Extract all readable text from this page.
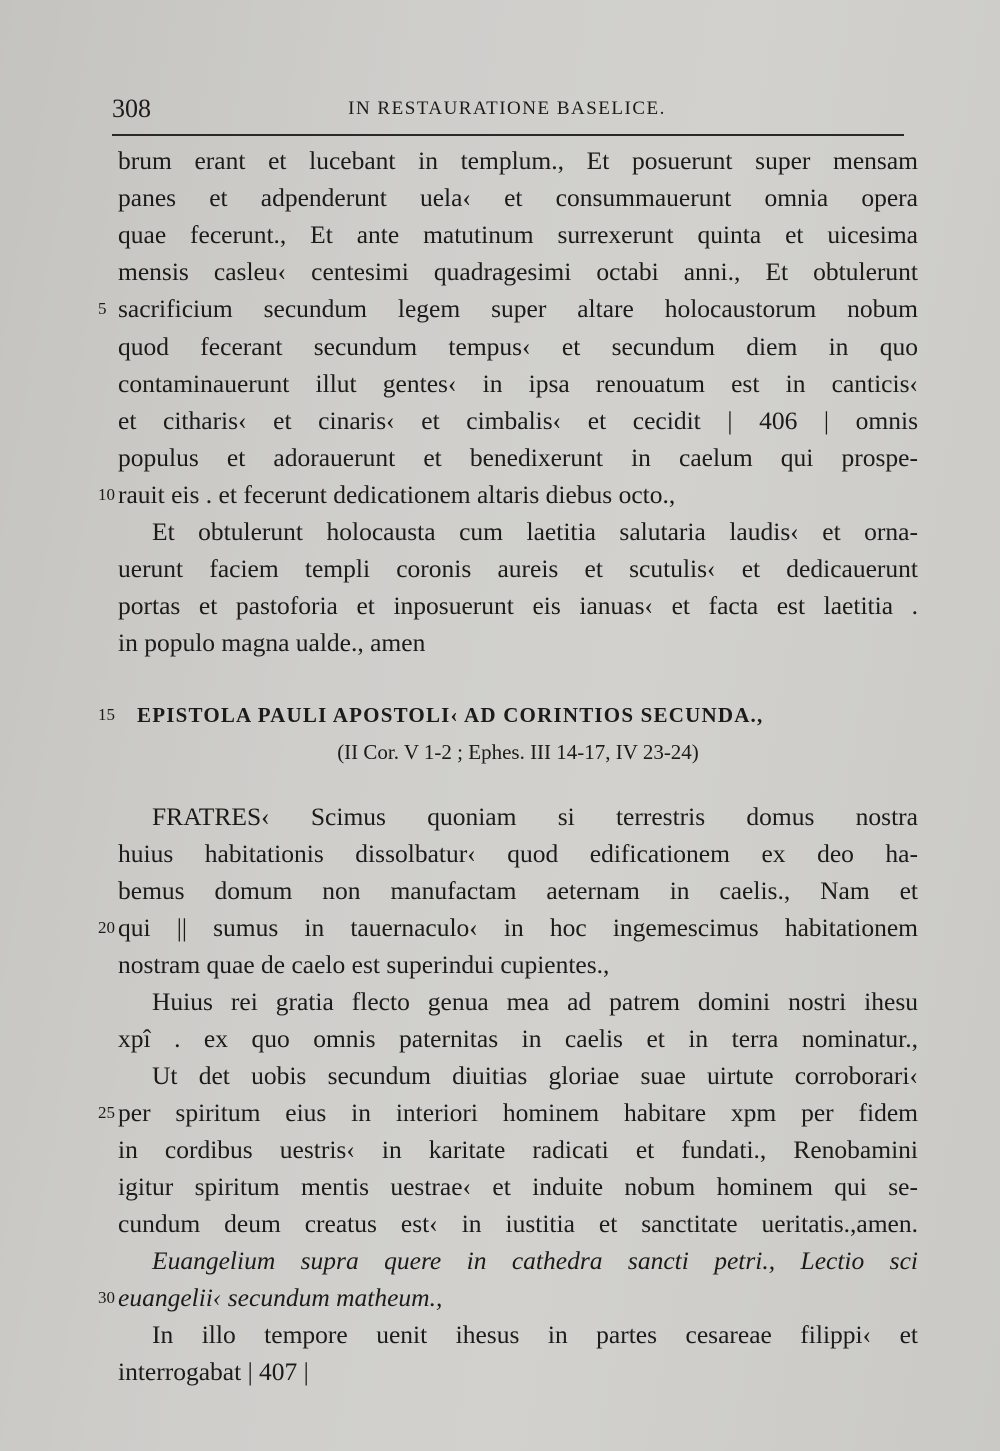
308	IN RESTAURATIONE BASELICE.
brum erant et lucebant in templum., Et posuerunt super mensam
panes et adpenderunt uela‹ et consummauerunt omnia opera
quae fecerunt., Et ante matutinum surrexerunt quinta et uicesima
mensis casleu‹ centesimi quadragesimi octabi anni., Et obtulerunt
5 sacrificium secundum legem super altare holocaustorum nobum
quod fecerant secundum tempus‹ et secundum diem in quo
contaminauerunt illut gentes‹ in ipsa renouatum est in canticis‹
et citharis‹ et cinaris‹ et cimbalis‹ et cecidit | 406 | omnis
populus et adorauerunt et benedixerunt in caelum qui prospe-
10 rauit eis . et fecerunt dedicationem altaris diebus octo.,
Et obtulerunt holocausta cum laetitia salutaria laudis‹ et orna-
uerunt faciem templi coronis aureis et scutulis‹ et dedicauerunt
portas et pastoforia et inposuerunt eis ianuas‹ et facta est laetitia .
in populo magna ualde., amen
15 EPISTOLA PAULI APOSTOLI‹ AD CORINTIOS SECUNDA.,
(II Cor. V 1-2 ; Ephes. III 14-17, IV 23-24)
FRATRES‹ Scimus quoniam si terrestris domus nostra
huius habitationis dissolbatur‹ quod edificationem ex deo ha-
bemus domum non manufactam aeternam in caelis., Nam et
20 qui || sumus in tauernaculo‹ in hoc ingemescimus habitationem
nostram quae de caelo est superindui cupientes.,
Huius rei gratia flecto genua mea ad patrem domini nostri ihesu
xpî . ex quo omnis paternitas in caelis et in terra nominatur.,
Ut det uobis secundum diuitias gloriae suae uirtute corroborari‹
25 per spiritum eius in interiori hominem habitare xpm per fidem
in cordibus uestris‹ in karitate radicati et fundati., Renobamini
igitur spiritum mentis uestrae‹ et induite nobum hominem qui se-
cundum deum creatus est‹ in iustitia et sanctitate ueritatis.,amen.
Euangelium supra quere in cathedra sancti petri., Lectio sci
30 euangelii‹ secundum matheum.,
In illo tempore uenit ihesus in partes cesareae filippi‹ et
interrogabat | 407 |
